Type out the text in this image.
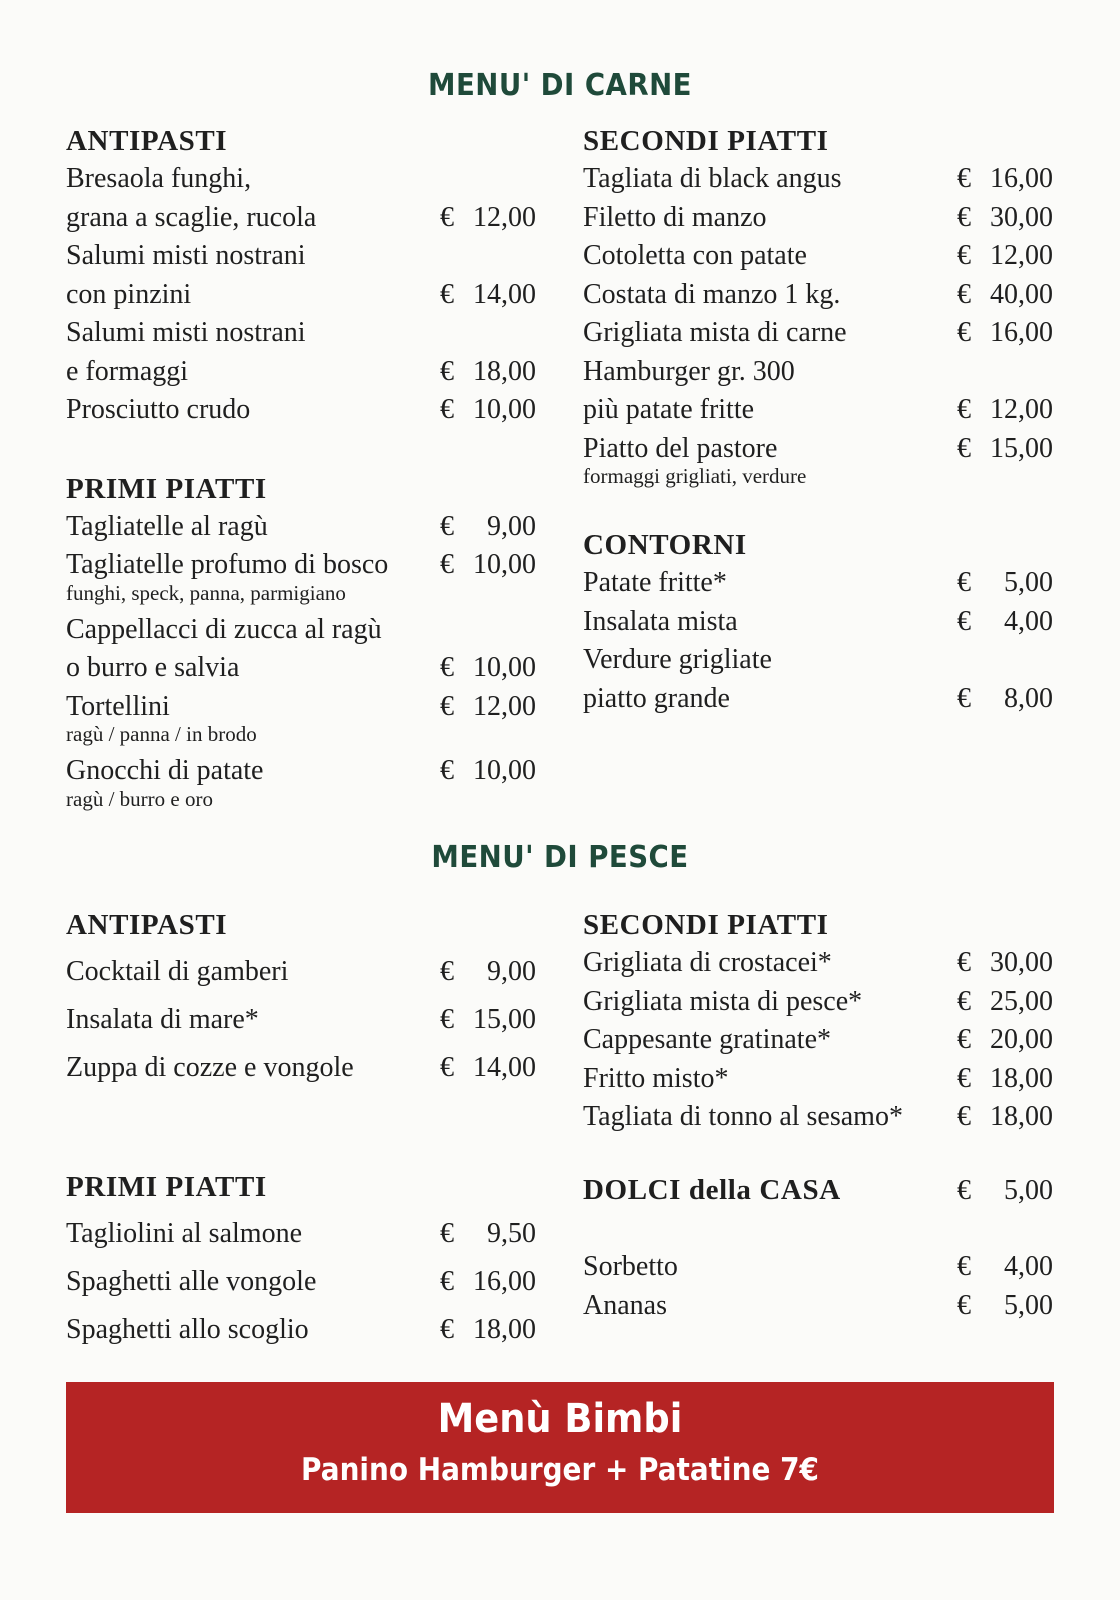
MENU' DI CARNE
ANTIPASTI
Bresaola funghi,
grana a scaglie, rucola	€ 12,00
Salumi misti nostrani
con pinzini	€ 14,00
Salumi misti nostrani
e formaggi	€ 18,00
Prosciutto crudo	€ 10,00
PRIMI PIATTI
Tagliatelle al ragù	€ 9,00
Tagliatelle profumo di bosco	€ 10,00
funghi, speck, panna, parmigiano
Cappellacci di zucca al ragù
o burro e salvia	€ 10,00
Tortellini	€ 12,00
ragù / panna / in brodo
Gnocchi di patate	€ 10,00
ragù / burro e oro
SECONDI PIATTI
Tagliata di black angus	€ 16,00
Filetto di manzo	€ 30,00
Cotoletta con patate	€ 12,00
Costata di manzo 1 kg.	€ 40,00
Grigliata mista di carne	€ 16,00
Hamburger gr. 300
più patate fritte	€ 12,00
Piatto del pastore	€ 15,00
formaggi grigliati, verdure
CONTORNI
Patate fritte*	€ 5,00
Insalata mista	€ 4,00
Verdure grigliate
piatto grande	€ 8,00
MENU' DI PESCE
ANTIPASTI
Cocktail di gamberi	€ 9,00
Insalata di mare*	€ 15,00
Zuppa di cozze e vongole	€ 14,00
PRIMI PIATTI
Tagliolini al salmone	€ 9,50
Spaghetti alle vongole	€ 16,00
Spaghetti allo scoglio	€ 18,00
SECONDI PIATTI
Grigliata di crostacei*	€ 30,00
Grigliata mista di pesce*	€ 25,00
Cappesante gratinate*	€ 20,00
Fritto misto*	€ 18,00
Tagliata di tonno al sesamo*	€ 18,00
DOLCI della CASA	€ 5,00
Sorbetto	€ 4,00
Ananas	€ 5,00
Menù Bimbi
Panino Hamburger + Patatine 7€
